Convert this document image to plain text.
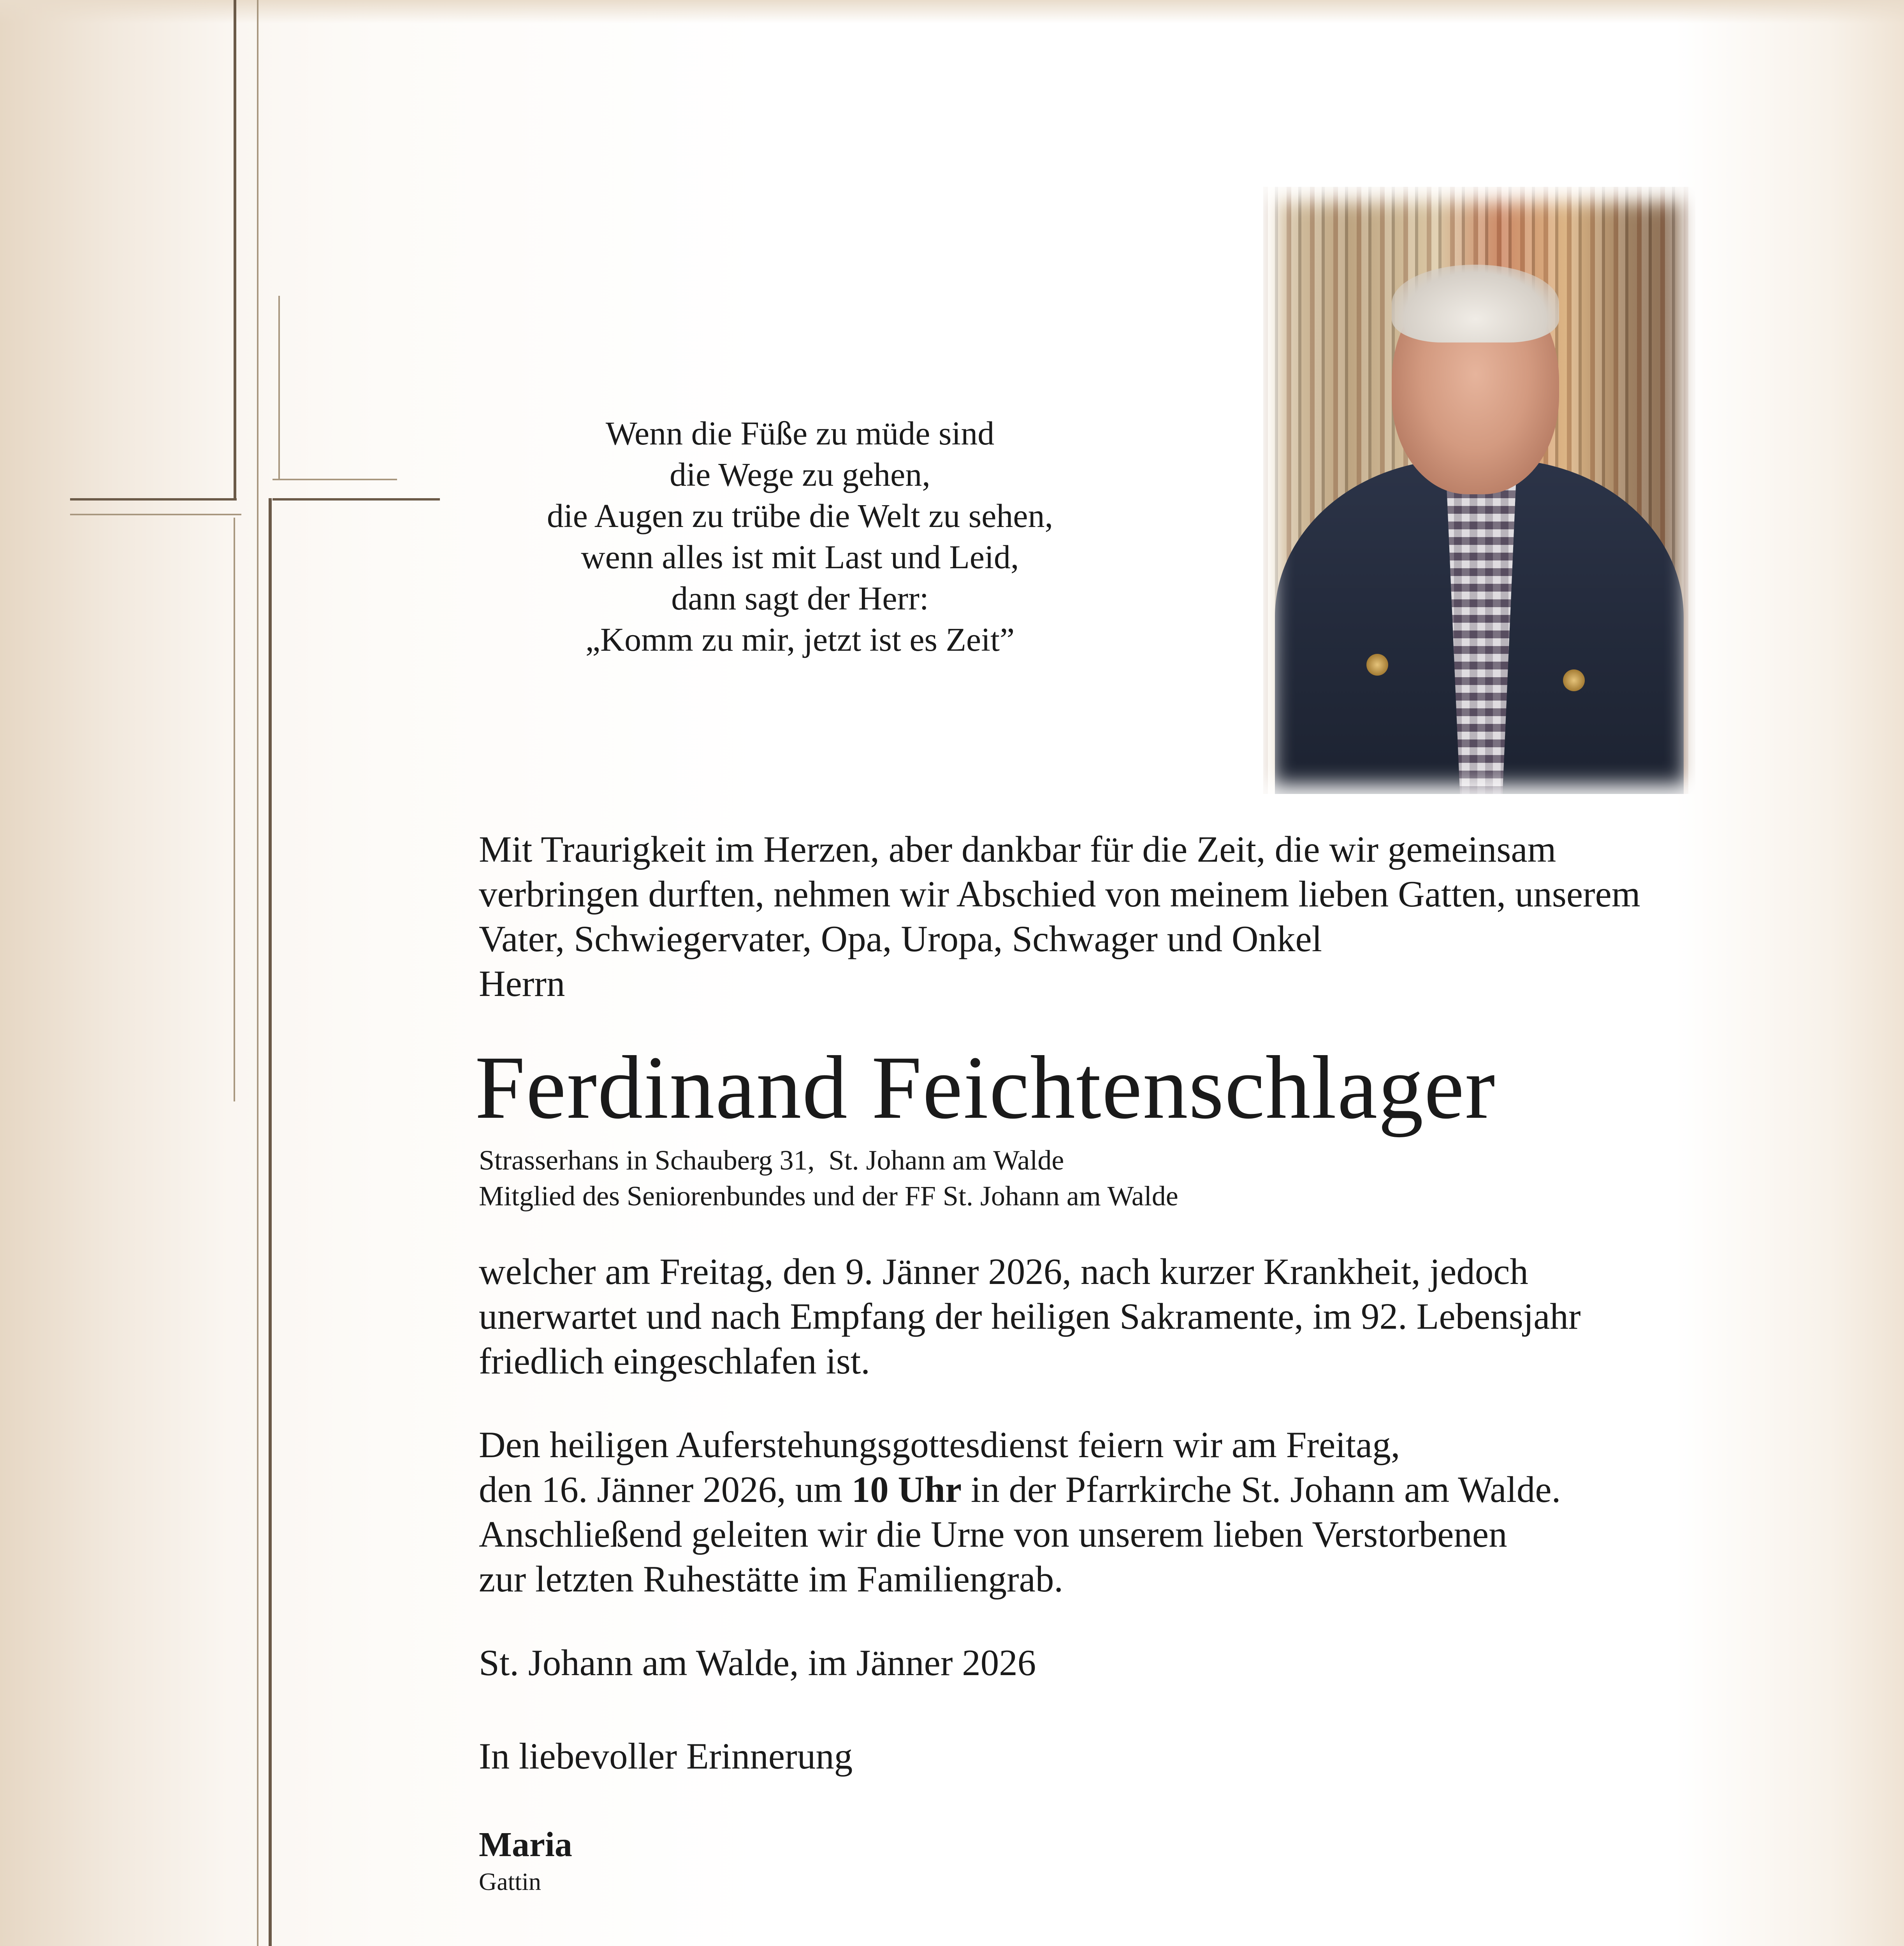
Wenn die Füße zu müde sind
die Wege zu gehen,
die Augen zu trübe die Welt zu sehen,
wenn alles ist mit Last und Leid,
dann sagt der Herr:
„Komm zu mir, jetzt ist es Zeit”
Mit Traurigkeit im Herzen, aber dankbar für die Zeit, die wir gemeinsam
verbringen durften, nehmen wir Abschied von meinem lieben Gatten, unserem
Vater, Schwiegervater, Opa, Uropa, Schwager und Onkel
Herrn
Ferdinand Feichtenschlager
Strasserhans in Schauberg 31,  St. Johann am Walde
Mitglied des Seniorenbundes und der FF St. Johann am Walde
welcher am Freitag, den 9. Jänner 2026, nach kurzer Krankheit, jedoch
unerwartet und nach Empfang der heiligen Sakramente, im 92. Lebensjahr
friedlich eingeschlafen ist.
Den heiligen Auferstehungsgottesdienst feiern wir am Freitag,
den 16. Jänner 2026, um 10 Uhr in der Pfarrkirche St. Johann am Walde.
Anschließend geleiten wir die Urne von unserem lieben Verstorbenen
zur letzten Ruhestätte im Familiengrab.
St. Johann am Walde, im Jänner 2026
In liebevoller Erinnerung
Maria
Gattin
